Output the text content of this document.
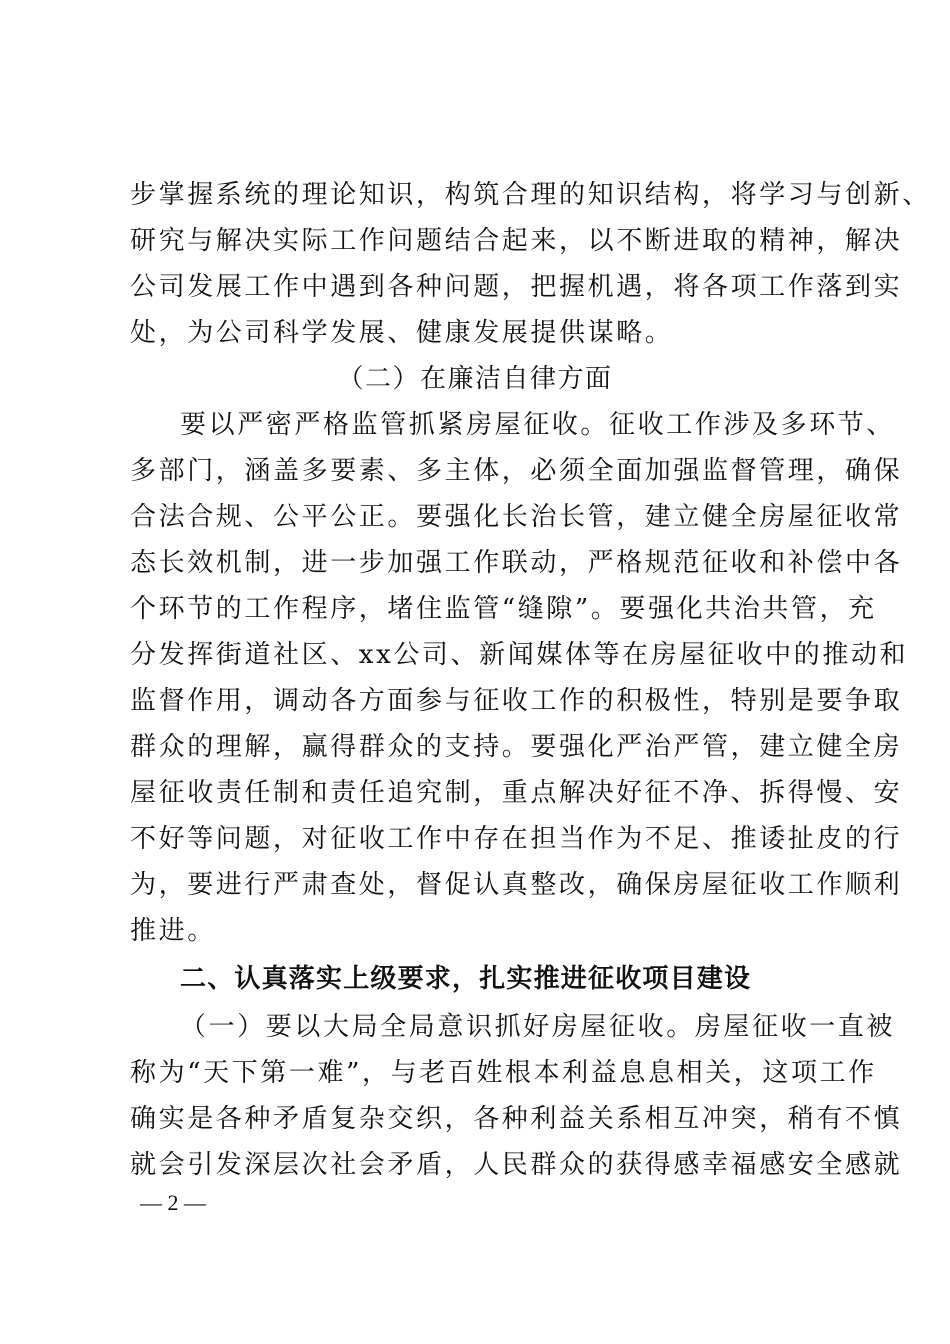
步掌握系统的理论知识，构筑合理的知识结构，将学习与创新、
研究与解决实际工作问题结合起来，以不断进取的精神，解决
公司发展工作中遇到各种问题，把握机遇，将各项工作落到实
处，为公司科学发展、健康发展提供谋略。
（二）在廉洁自律方面
要以严密严格监管抓紧房屋征收。征收工作涉及多环节、
多部门，涵盖多要素、多主体，必须全面加强监督管理，确保
合法合规、公平公正。要强化长治长管，建立健全房屋征收常
态长效机制，进一步加强工作联动，严格规范征收和补偿中各
个环节的工作程序，堵住监管“缝隙”。要强化共治共管，充
分发挥街道社区、xx公司、新闻媒体等在房屋征收中的推动和
监督作用，调动各方面参与征收工作的积极性，特别是要争取
群众的理解，赢得群众的支持。要强化严治严管，建立健全房
屋征收责任制和责任追究制，重点解决好征不净、拆得慢、安
不好等问题，对征收工作中存在担当作为不足、推诿扯皮的行
为，要进行严肃查处，督促认真整改，确保房屋征收工作顺利
推进。
二、认真落实上级要求，扎实推进征收项目建设
（一）要以大局全局意识抓好房屋征收。房屋征收一直被
称为“天下第一难”，与老百姓根本利益息息相关，这项工作
确实是各种矛盾复杂交织，各种利益关系相互冲突，稍有不慎
就会引发深层次社会矛盾，人民群众的获得感幸福感安全感就
— 2 —
